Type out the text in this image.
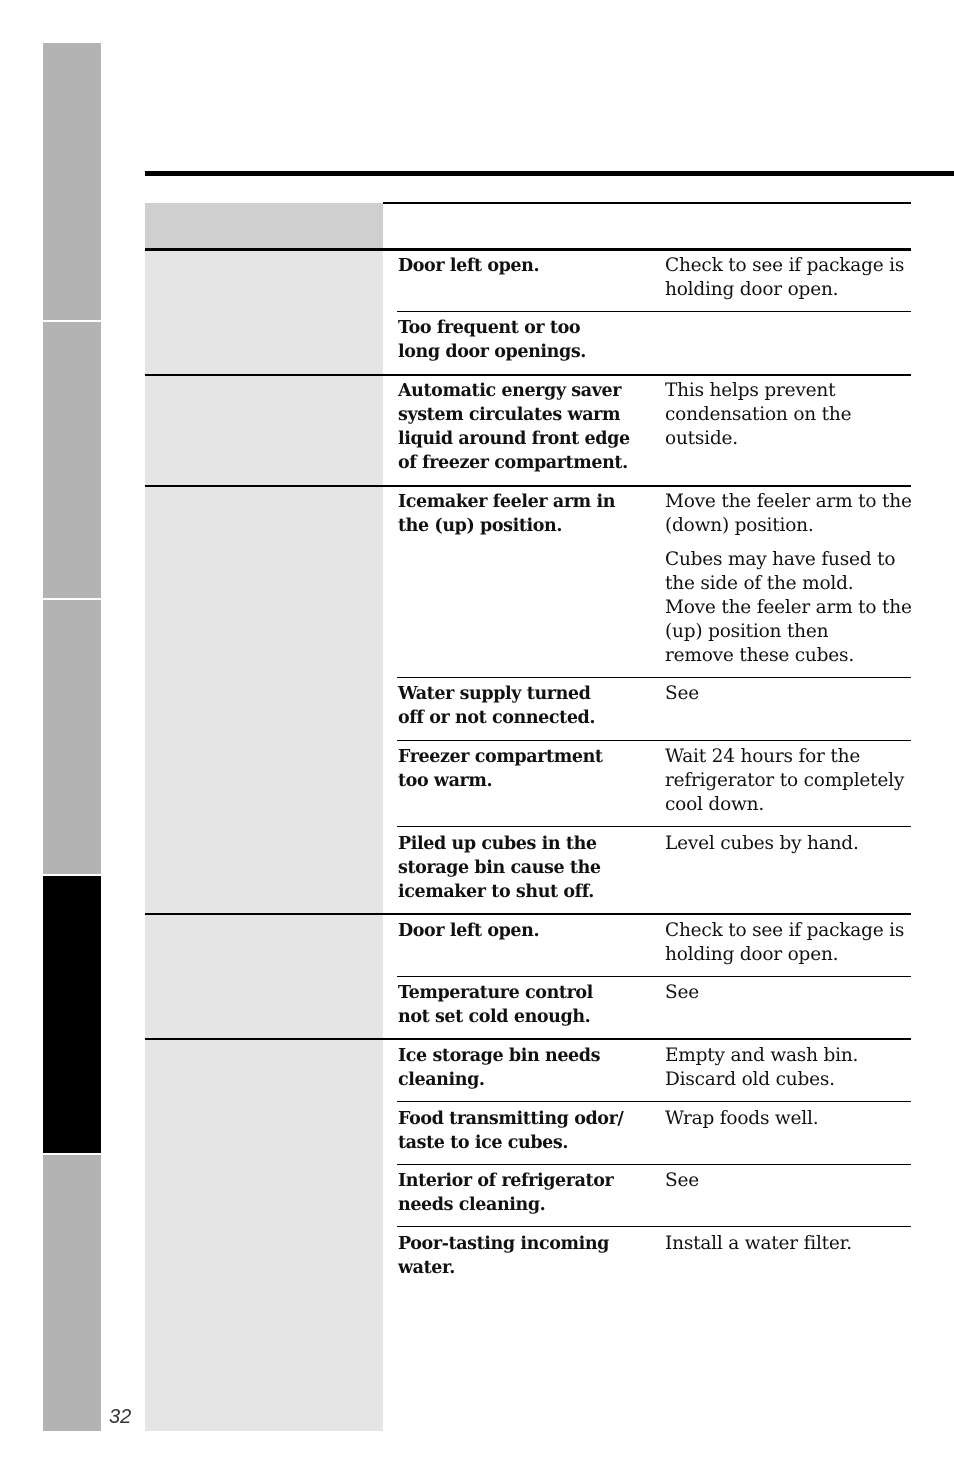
32
Door left open.
Too frequent or too
long door openings.
Automatic energy saver
system circulates warm
liquid around front edge
of freezer compartment.
Icemaker feeler arm in
the (up) position.
Water supply turned
off or not connected.
Freezer compartment
too warm.
Piled up cubes in the
storage bin cause the
icemaker to shut off.
Door left open.
Temperature control
not set cold enough.
Ice storage bin needs
cleaning.
Food transmitting odor/
taste to ice cubes.
Interior of refrigerator
needs cleaning.
Poor-tasting incoming water.
Check to see if package is
holding door open.
This helps prevent
condensation on the
outside.
Move the feeler arm to the
(down) position.
Cubes may have fused to
the side of the mold.
Move the feeler arm to the
(up) position then
remove these cubes.
See
Wait 24 hours for the
refrigerator to completely
cool down.
Level cubes by hand.
Check to see if package is
holding door open.
See
Empty and wash bin.
Discard old cubes.
Wrap foods well.
See
Install a water filter.
